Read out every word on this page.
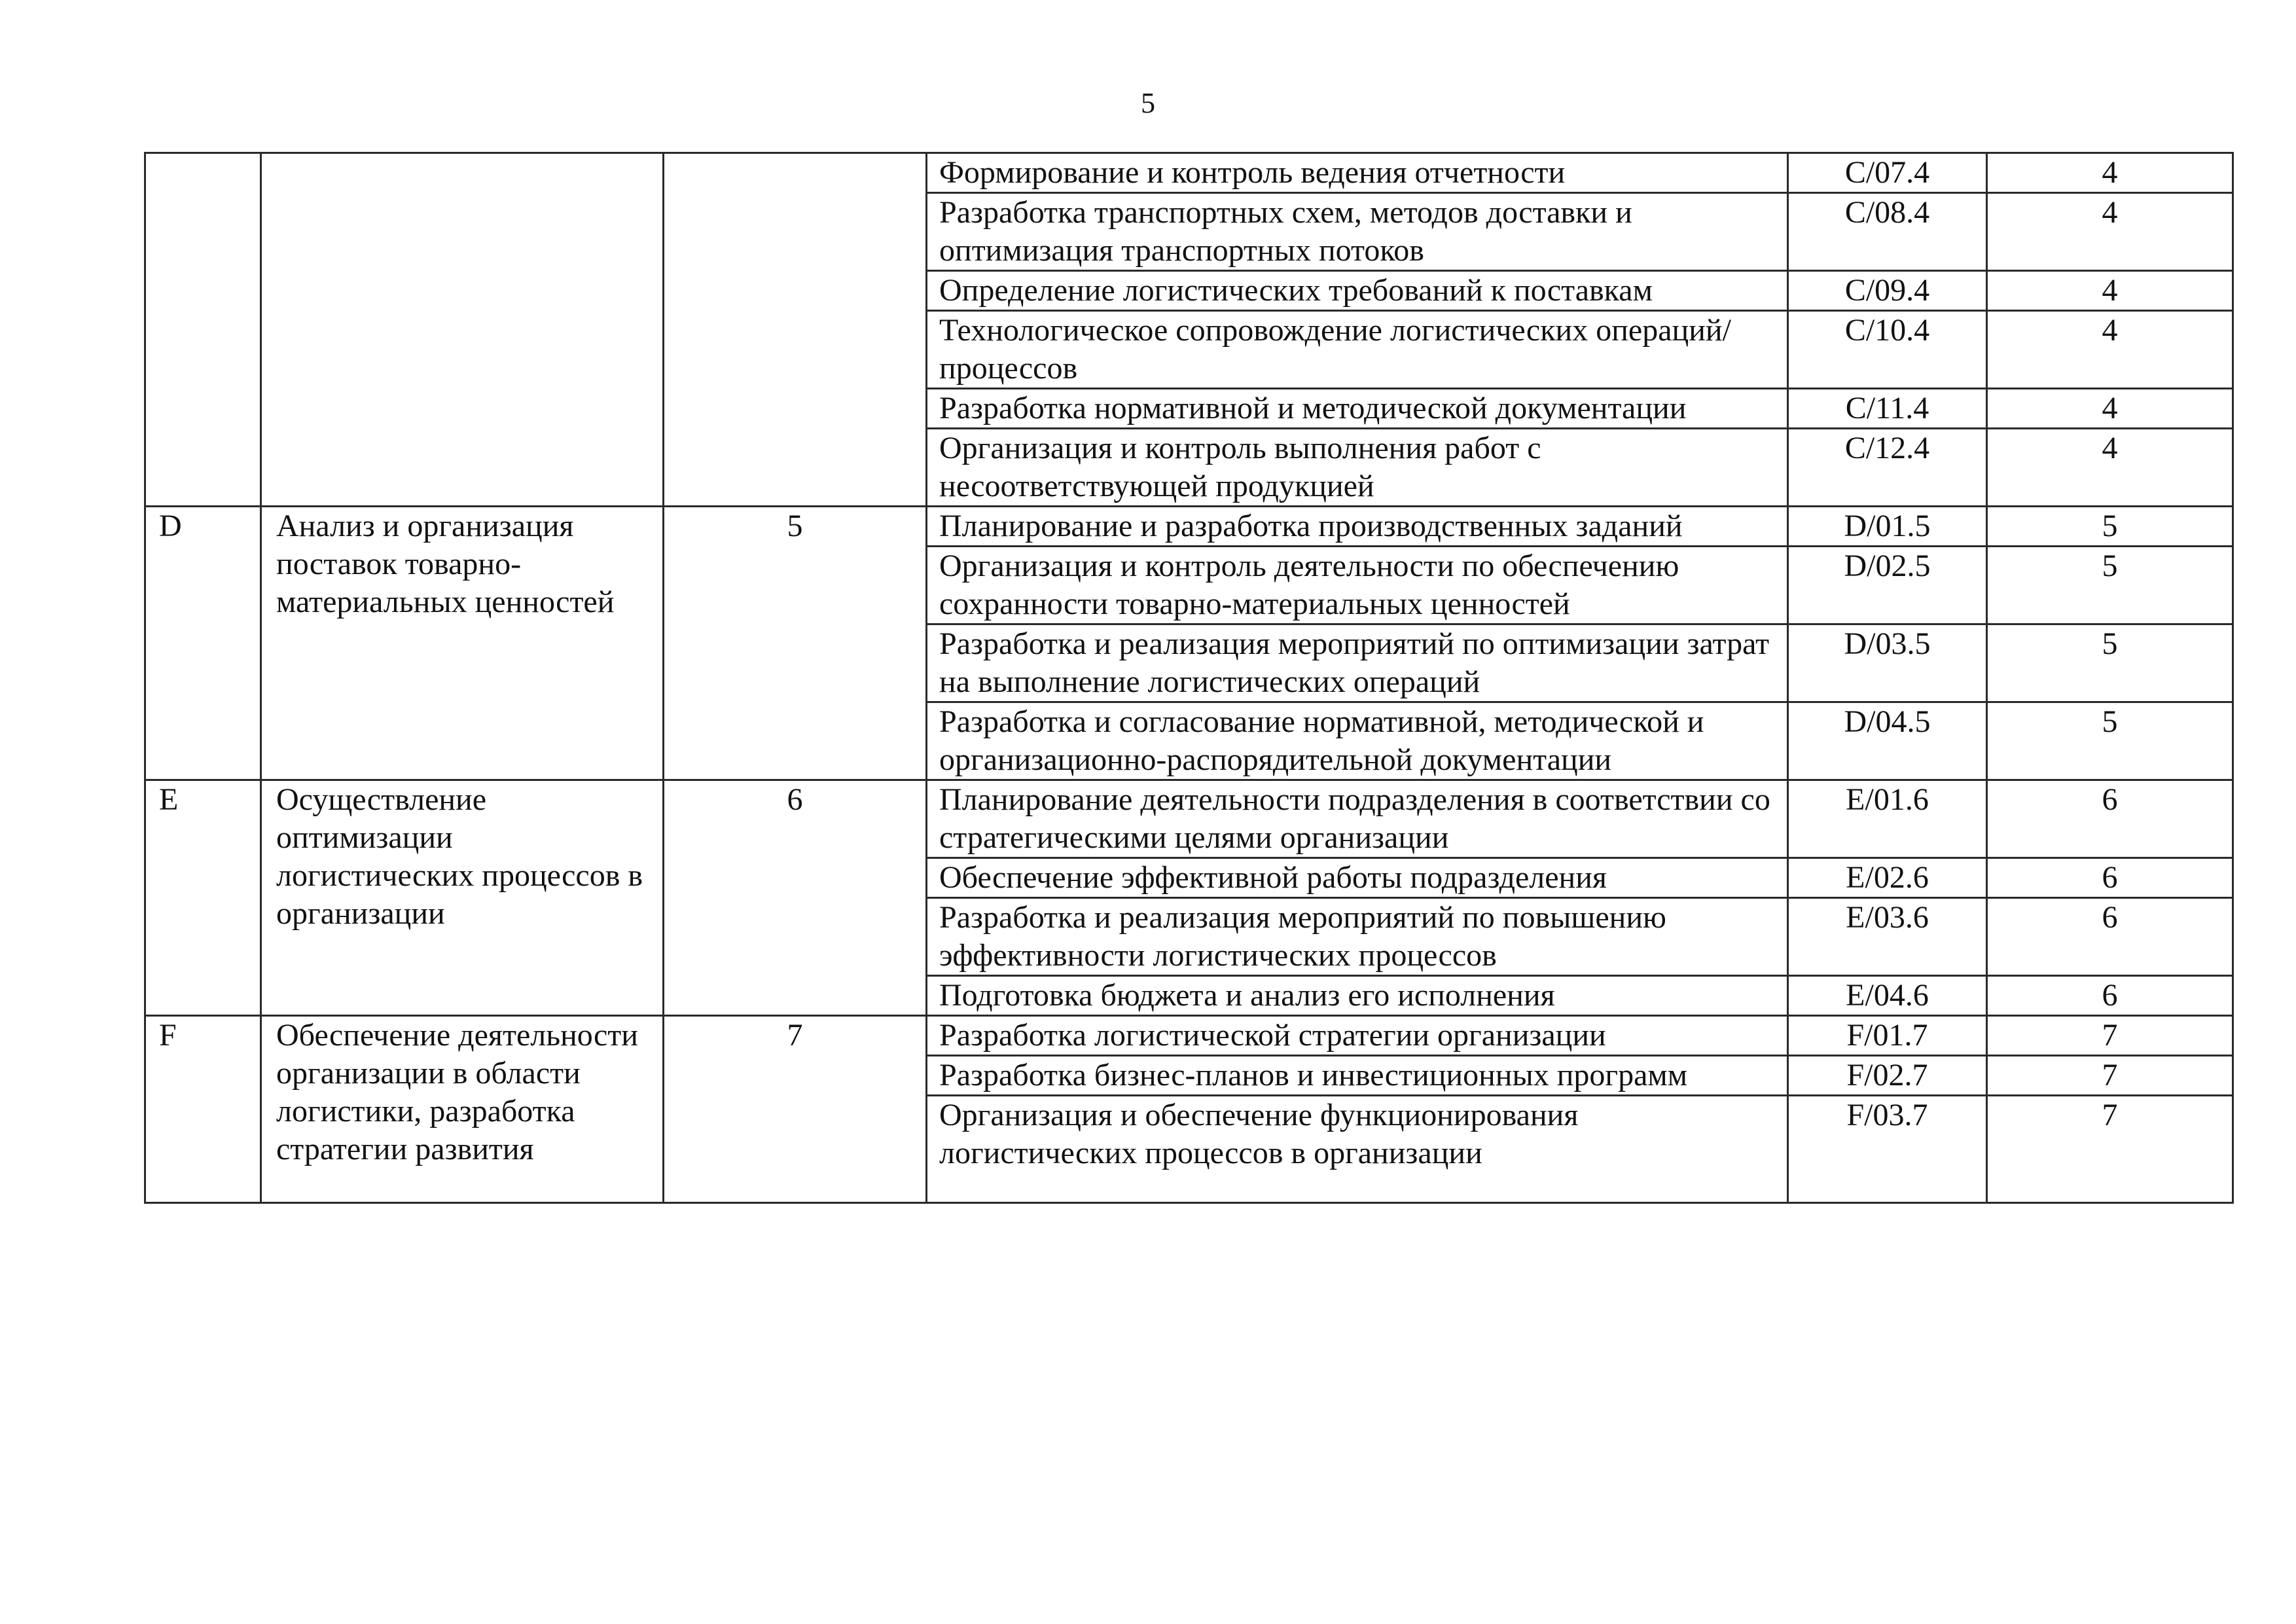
5
			Формирование и контроль ведения отчетности	C/07.4	4
			Разработка транспортных схем, методов доставки и оптимизация транспортных потоков	C/08.4	4
			Определение логистических требований к поставкам	C/09.4	4
			Технологическое сопровождение логистических операций/процессов	C/10.4	4
			Разработка нормативной и методической документации	C/11.4	4
			Организация и контроль выполнения работ с несоответствующей продукцией	C/12.4	4
D	Анализ и организация поставок товарно-материальных ценностей	5	Планирование и разработка производственных заданий	D/01.5	5
			Организация и контроль деятельности по обеспечению сохранности товарно-материальных ценностей	D/02.5	5
			Разработка и реализация мероприятий по оптимизации затрат на выполнение логистических операций	D/03.5	5
			Разработка и согласование нормативной, методической и организационно-распорядительной документации	D/04.5	5
E	Осуществление оптимизации логистических процессов в организации	6	Планирование деятельности подразделения в соответствии со стратегическими целями организации	E/01.6	6
			Обеспечение эффективной работы подразделения	E/02.6	6
			Разработка и реализация мероприятий по повышению эффективности логистических процессов	E/03.6	6
			Подготовка бюджета и анализ его исполнения	E/04.6	6
F	Обеспечение деятельности организации в области логистики, разработка стратегии развития	7	Разработка логистической стратегии организации	F/01.7	7
			Разработка бизнес-планов и инвестиционных программ	F/02.7	7
			Организация и обеспечение функционирования логистических процессов в организации	F/03.7	7
